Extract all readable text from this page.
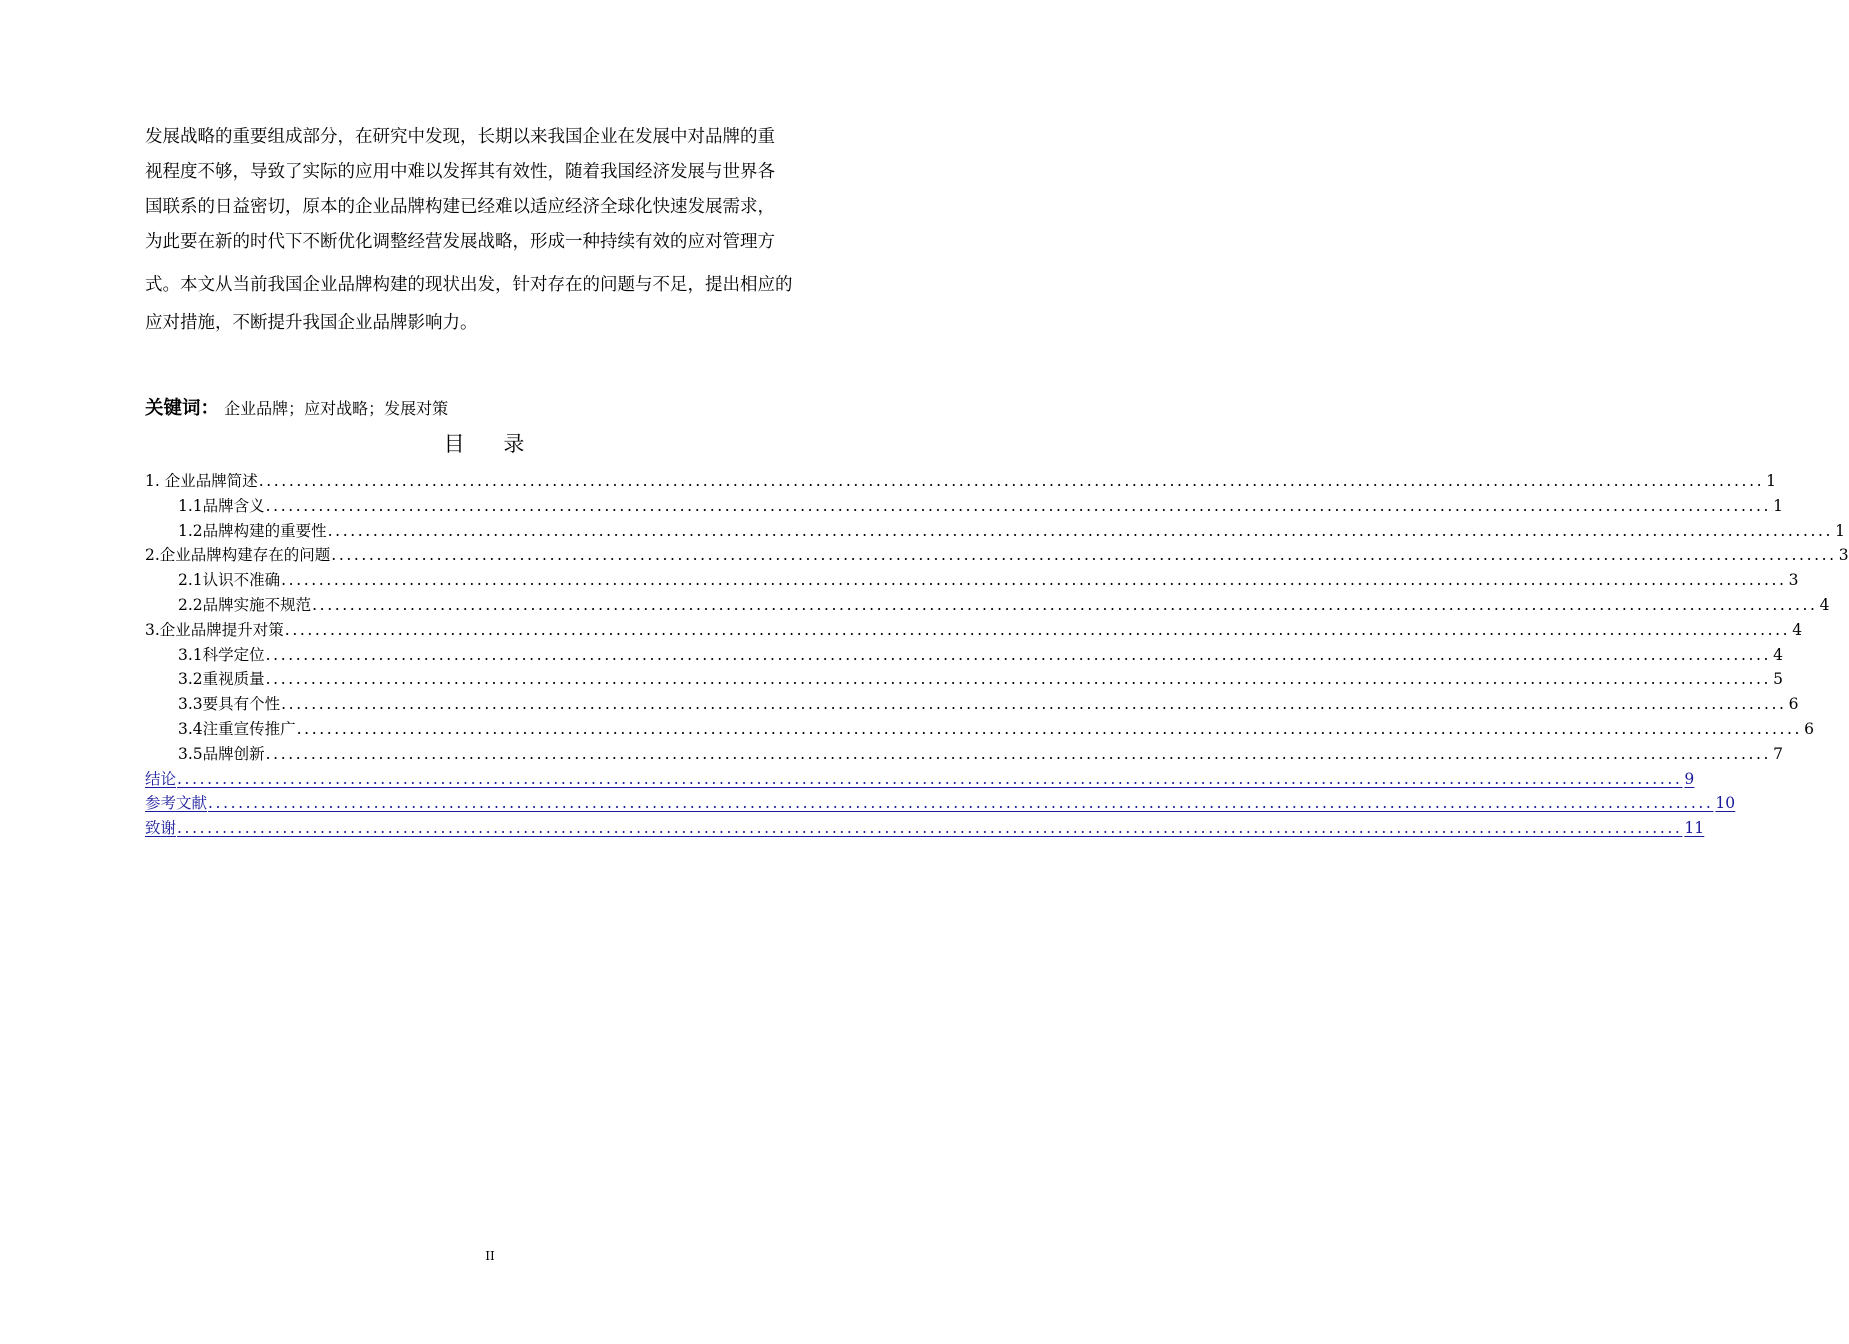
发展战略的重要组成部分，在研究中发现，长期以来我国企业在发展中对品牌的重
视程度不够，导致了实际的应用中难以发挥其有效性，随着我国经济发展与世界各
国联系的日益密切，原本的企业品牌构建已经难以适应经济全球化快速发展需求，
为此要在新的时代下不断优化调整经营发展战略，形成一种持续有效的应对管理方
式。本文从当前我国企业品牌构建的现状出发，针对存在的问题与不足，提出相应的
应对措施，不断提升我国企业品牌影响力。
关键词： 企业品牌；应对战略；发展对策
目 录
1. 企业品牌简述 ........................................................................................................................................................................................................ 1
1.1品牌含义 ........................................................................................................................................................................................................ 1
1.2品牌构建的重要性 ........................................................................................................................................................................................................ 1
2.企业品牌构建存在的问题 ........................................................................................................................................................................................................ 3
2.1认识不准确 ........................................................................................................................................................................................................ 3
2.2品牌实施不规范 ........................................................................................................................................................................................................ 4
3.企业品牌提升对策 ........................................................................................................................................................................................................ 4
3.1科学定位 ........................................................................................................................................................................................................ 4
3.2重视质量 ........................................................................................................................................................................................................ 5
3.3要具有个性 ........................................................................................................................................................................................................ 6
3.4注重宣传推广 ........................................................................................................................................................................................................ 6
3.5品牌创新 ........................................................................................................................................................................................................ 7
结论 ........................................................................................................................................................................................................ 9
参考文献 ........................................................................................................................................................................................................ 10
致谢 ........................................................................................................................................................................................................ 11
II
